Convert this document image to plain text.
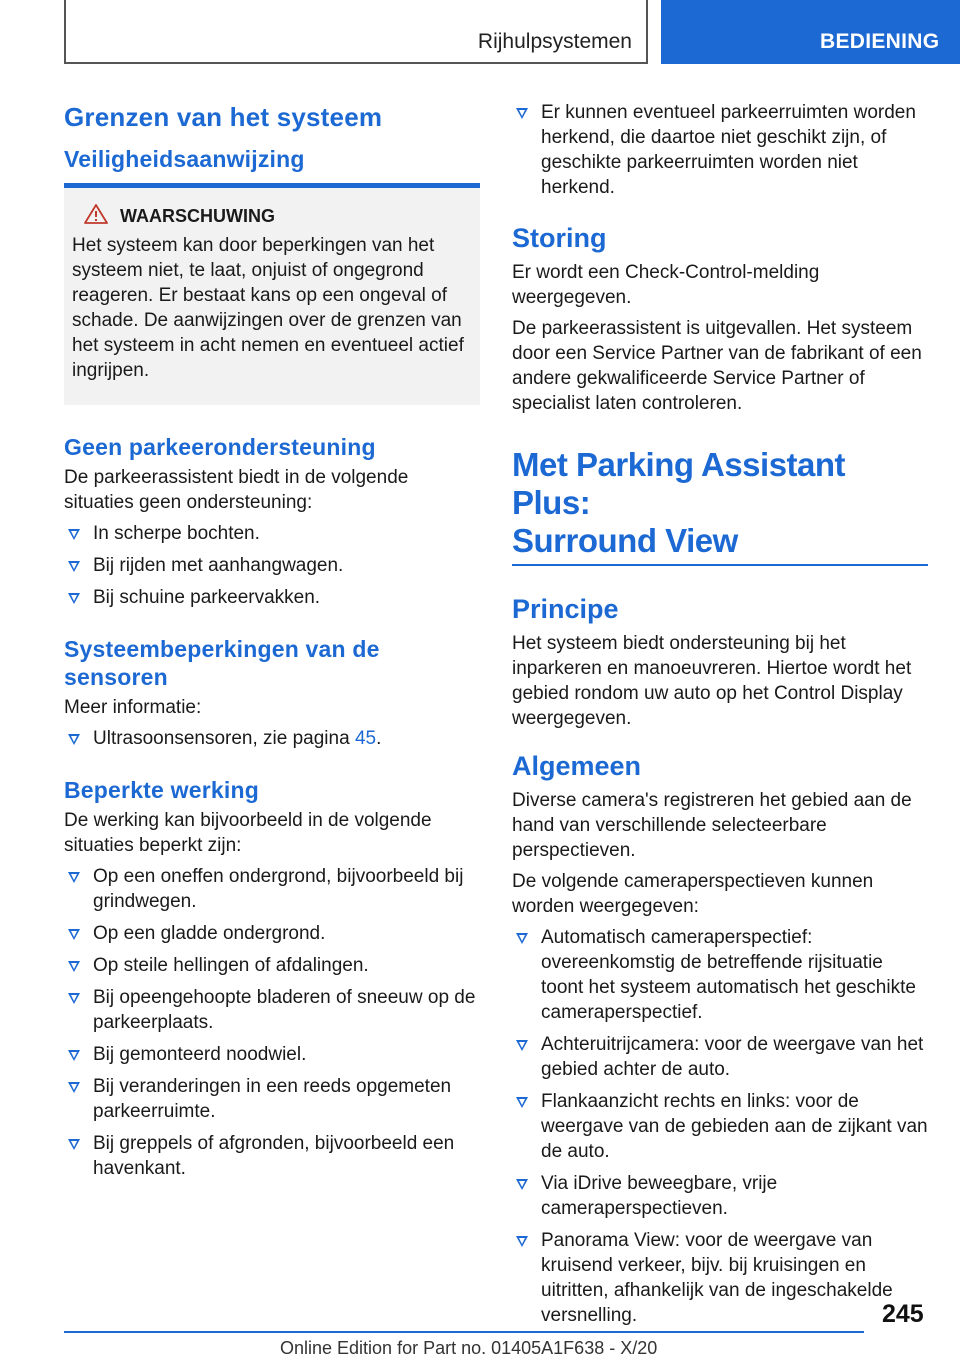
Rijhulpsystemen	BEDIENING
Grenzen van het systeem
Veiligheidsaanwijzing
WAARSCHUWING

Het systeem kan door beperkingen van het systeem niet, te laat, onjuist of ongegrond reageren. Er bestaat kans op een ongeval of schade. De aanwijzingen over de grenzen van het systeem in acht nemen en eventueel actief ingrijpen.

Geen parkeerondersteuning

De parkeerassistent biedt in de volgende situaties geen ondersteuning:

In scherpe bochten.
Bij rijden met aanhangwagen.
Bij schuine parkeervakken.
Systeembeperkingen van de sensoren

Meer informatie:

Ultrasoonsensoren, zie pagina 45.
Beperkte werking

De werking kan bijvoorbeeld in de volgende situaties beperkt zijn:

Op een oneffen ondergrond, bijvoorbeeld bij grindwegen.
Op een gladde ondergrond.
Op steile hellingen of afdalingen.
Bij opeengehoopte bladeren of sneeuw op de parkeerplaats.
Bij gemonteerd noodwiel.
Bij veranderingen in een reeds opgemeten parkeerruimte.
Bij greppels of afgronden, bijvoorbeeld een havenkant.
Er kunnen eventueel parkeerruimten worden herkend, die daartoe niet geschikt zijn, of geschikte parkeerruimten worden niet herkend.
Storing

Er wordt een Check-Control-melding weergegeven.

De parkeerassistent is uitgevallen. Het systeem door een Service Partner van de fabrikant of een andere gekwalificeerde Service Partner of specialist laten controleren.

Met Parking Assistant Plus:
Surround View
Principe

Het systeem biedt ondersteuning bij het inparkeren en manoeuvreren. Hiertoe wordt het gebied rondom uw auto op het Control Display weergegeven.

Algemeen

Diverse camera's registreren het gebied aan de hand van verschillende selecteerbare perspectieven.

De volgende cameraperspectieven kunnen worden weergegeven:

Automatisch cameraperspectief: overeenkomstig de betreffende rijsituatie toont het systeem automatisch het geschikte cameraperspectief.
Achteruitrijcamera: voor de weergave van het gebied achter de auto.
Flankaanzicht rechts en links: voor de weergave van de gebieden aan de zijkant van de auto.
Via iDrive beweegbare, vrije cameraperspectieven.
Panorama View: voor de weergave van kruisend verkeer, bijv. bij kruisingen en uitritten, afhankelijk van de ingeschakelde versnelling.	245
Online Edition for Part no. 01405A1F638 - X/20
